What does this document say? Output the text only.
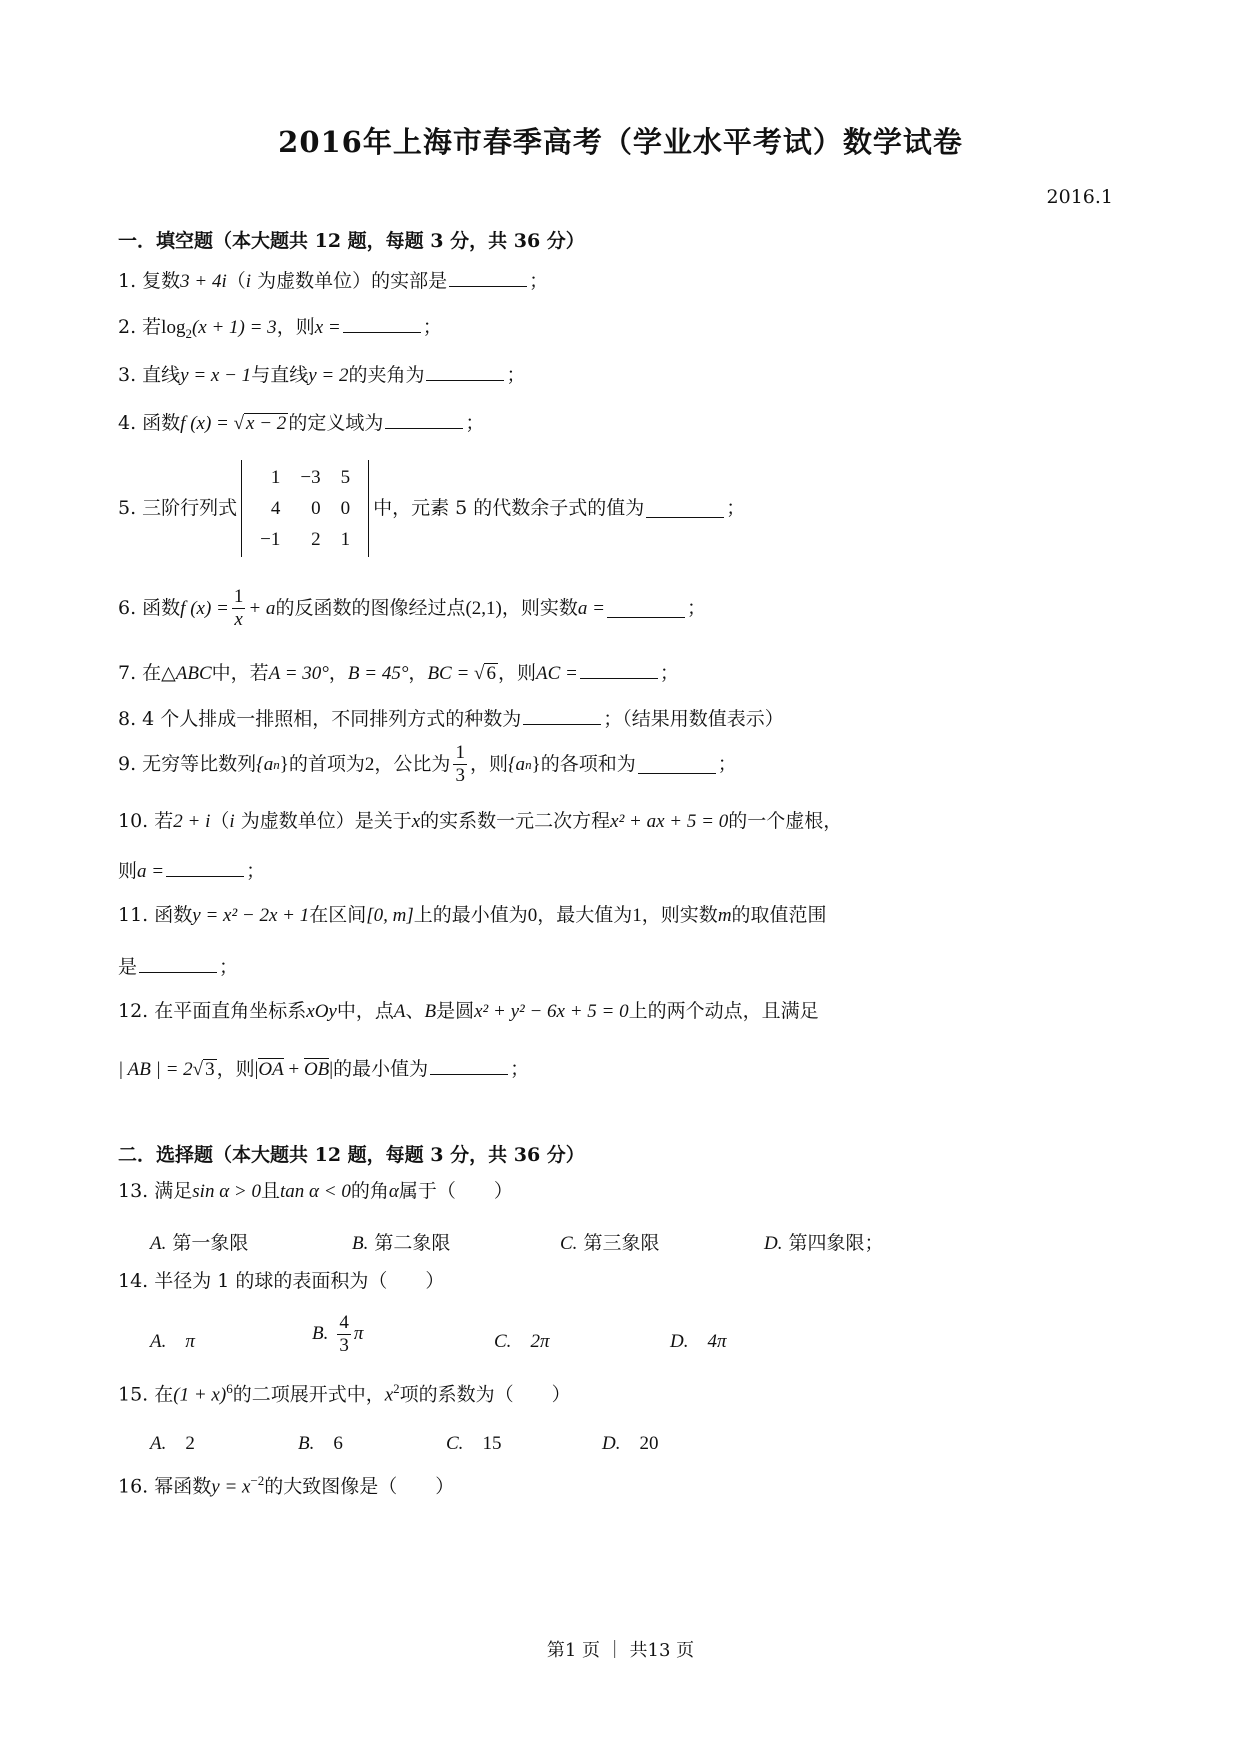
2016年上海市春季高考（学业水平考试）数学试卷
2016.1
一．填空题（本大题共 12 题，每题 3 分，共 36 分）
1. 复数3 + 4i（i 为虚数单位）的实部是	；
2. 若$\log_2(x + 1) = 3$，则x =	；
3. 直线y = x − 1与直线y = 2的夹角为	；
4. 函数f (x) = √ x − 2 的定义域为	；
5. 三阶行列式
1	−3	5
4	0	0
−1	2	1
中，元素 5 的代数余子式的值为	；
6. 函数 f $(x) = \frac{1}{x} + a$ 的反函数的图像经过点 (2,1) ，则实数 a =	；
7. 在△ABC中，若A = 30°，B = 45°，BC = √ 6 ，则AC =	；
8. 4 个人排成一排照相，不同排列方式的种数为	；（结果用数值表示）
9. 无穷等比数列 {a n } 的首项为 2 ，公比为 $\frac{1}{3}$ ，则 {a n } 的各项和为	；
10. 若2 + i（i 为虚数单位）是关于x的实系数一元二次方程x² + ax + 5 = 0的一个虚根，
则a =	；
11. 函数y = x² − 2x + 1在区间[0, m]上的最小值为0，最大值为1，则实数m的取值范围
是	；
12. 在平面直角坐标系xOy中，点A、B是圆x² + y² − 6x + 5 = 0上的两个动点，且满足
| AB | = 2√ 3 ，则|OA + OB|的最小值为	；
二．选择题（本大题共 12 题，每题 3 分，共 36 分）
13. 满足sin α > 0且tan α < 0的角α属于（　　）
A. 第一象限	B. 第二象限	C. 第三象限	D. 第四象限；
14. 半径为 1 的球的表面积为（　　）
A.　 π	B.
$\frac{4}{3}$ π	C.　 2π	D.　 4π
15. 在$(1 + x)^6$的二项展开式中，$x^2$项的系数为（　　）
A.　 2	B.　 6	C.　 15	D.　 20
16. 幂函数$y = x^{-2}$的大致图像是（　　）
第1 页 ｜ 共13 页
